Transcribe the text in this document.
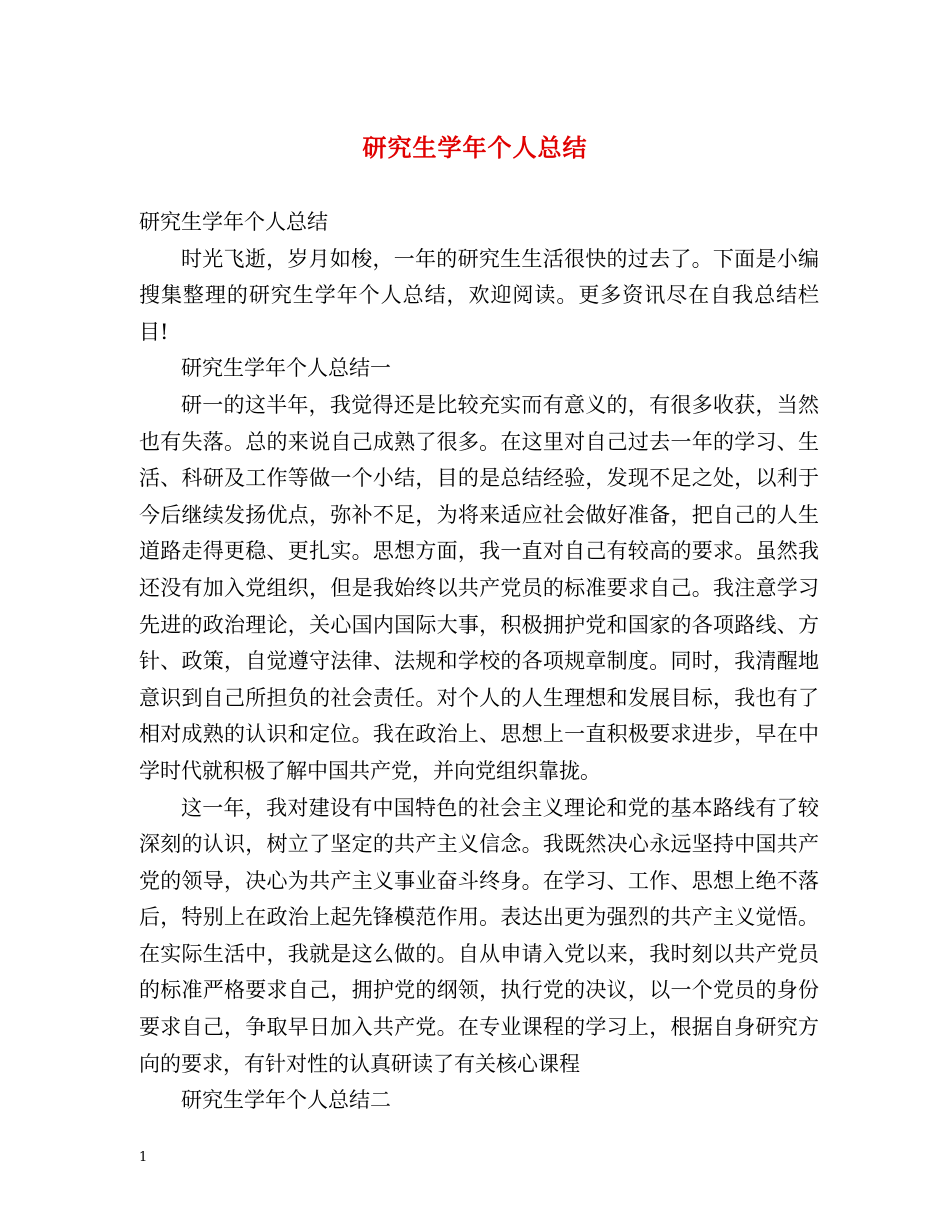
研究生学年个人总结

研究生学年个人总结

时光飞逝，岁月如梭，一年的研究生生活很快的过去了。下面是小编搜集整理的研究生学年个人总结，欢迎阅读。更多资讯尽在自我总结栏目!

研究生学年个人总结一

研一的这半年，我觉得还是比较充实而有意义的，有很多收获，当然也有失落。总的来说自己成熟了很多。在这里对自己过去一年的学习、生活、科研及工作等做一个小结，目的是总结经验，发现不足之处，以利于今后继续发扬优点，弥补不足，为将来适应社会做好准备，把自己的人生道路走得更稳、更扎实。思想方面，我一直对自己有较高的要求。虽然我还没有加入党组织，但是我始终以共产党员的标准要求自己。我注意学习先进的政治理论，关心国内国际大事，积极拥护党和国家的各项路线、方针、政策，自觉遵守法律、法规和学校的各项规章制度。同时，我清醒地意识到自己所担负的社会责任。对个人的人生理想和发展目标，我也有了相对成熟的认识和定位。我在政治上、思想上一直积极要求进步，早在中学时代就积极了解中国共产党，并向党组织靠拢。

这一年，我对建设有中国特色的社会主义理论和党的基本路线有了较深刻的认识，树立了坚定的共产主义信念。我既然决心永远坚持中国共产党的领导，决心为共产主义事业奋斗终身。在学习、工作、思想上绝不落后，特别上在政治上起先锋模范作用。表达出更为强烈的共产主义觉悟。在实际生活中，我就是这么做的。自从申请入党以来，我时刻以共产党员的标准严格要求自己，拥护党的纲领，执行党的决议，以一个党员的身份要求自己，争取早日加入共产党。在专业课程的学习上，根据自身研究方向的要求，有针对性的认真研读了有关核心课程

研究生学年个人总结二

1
